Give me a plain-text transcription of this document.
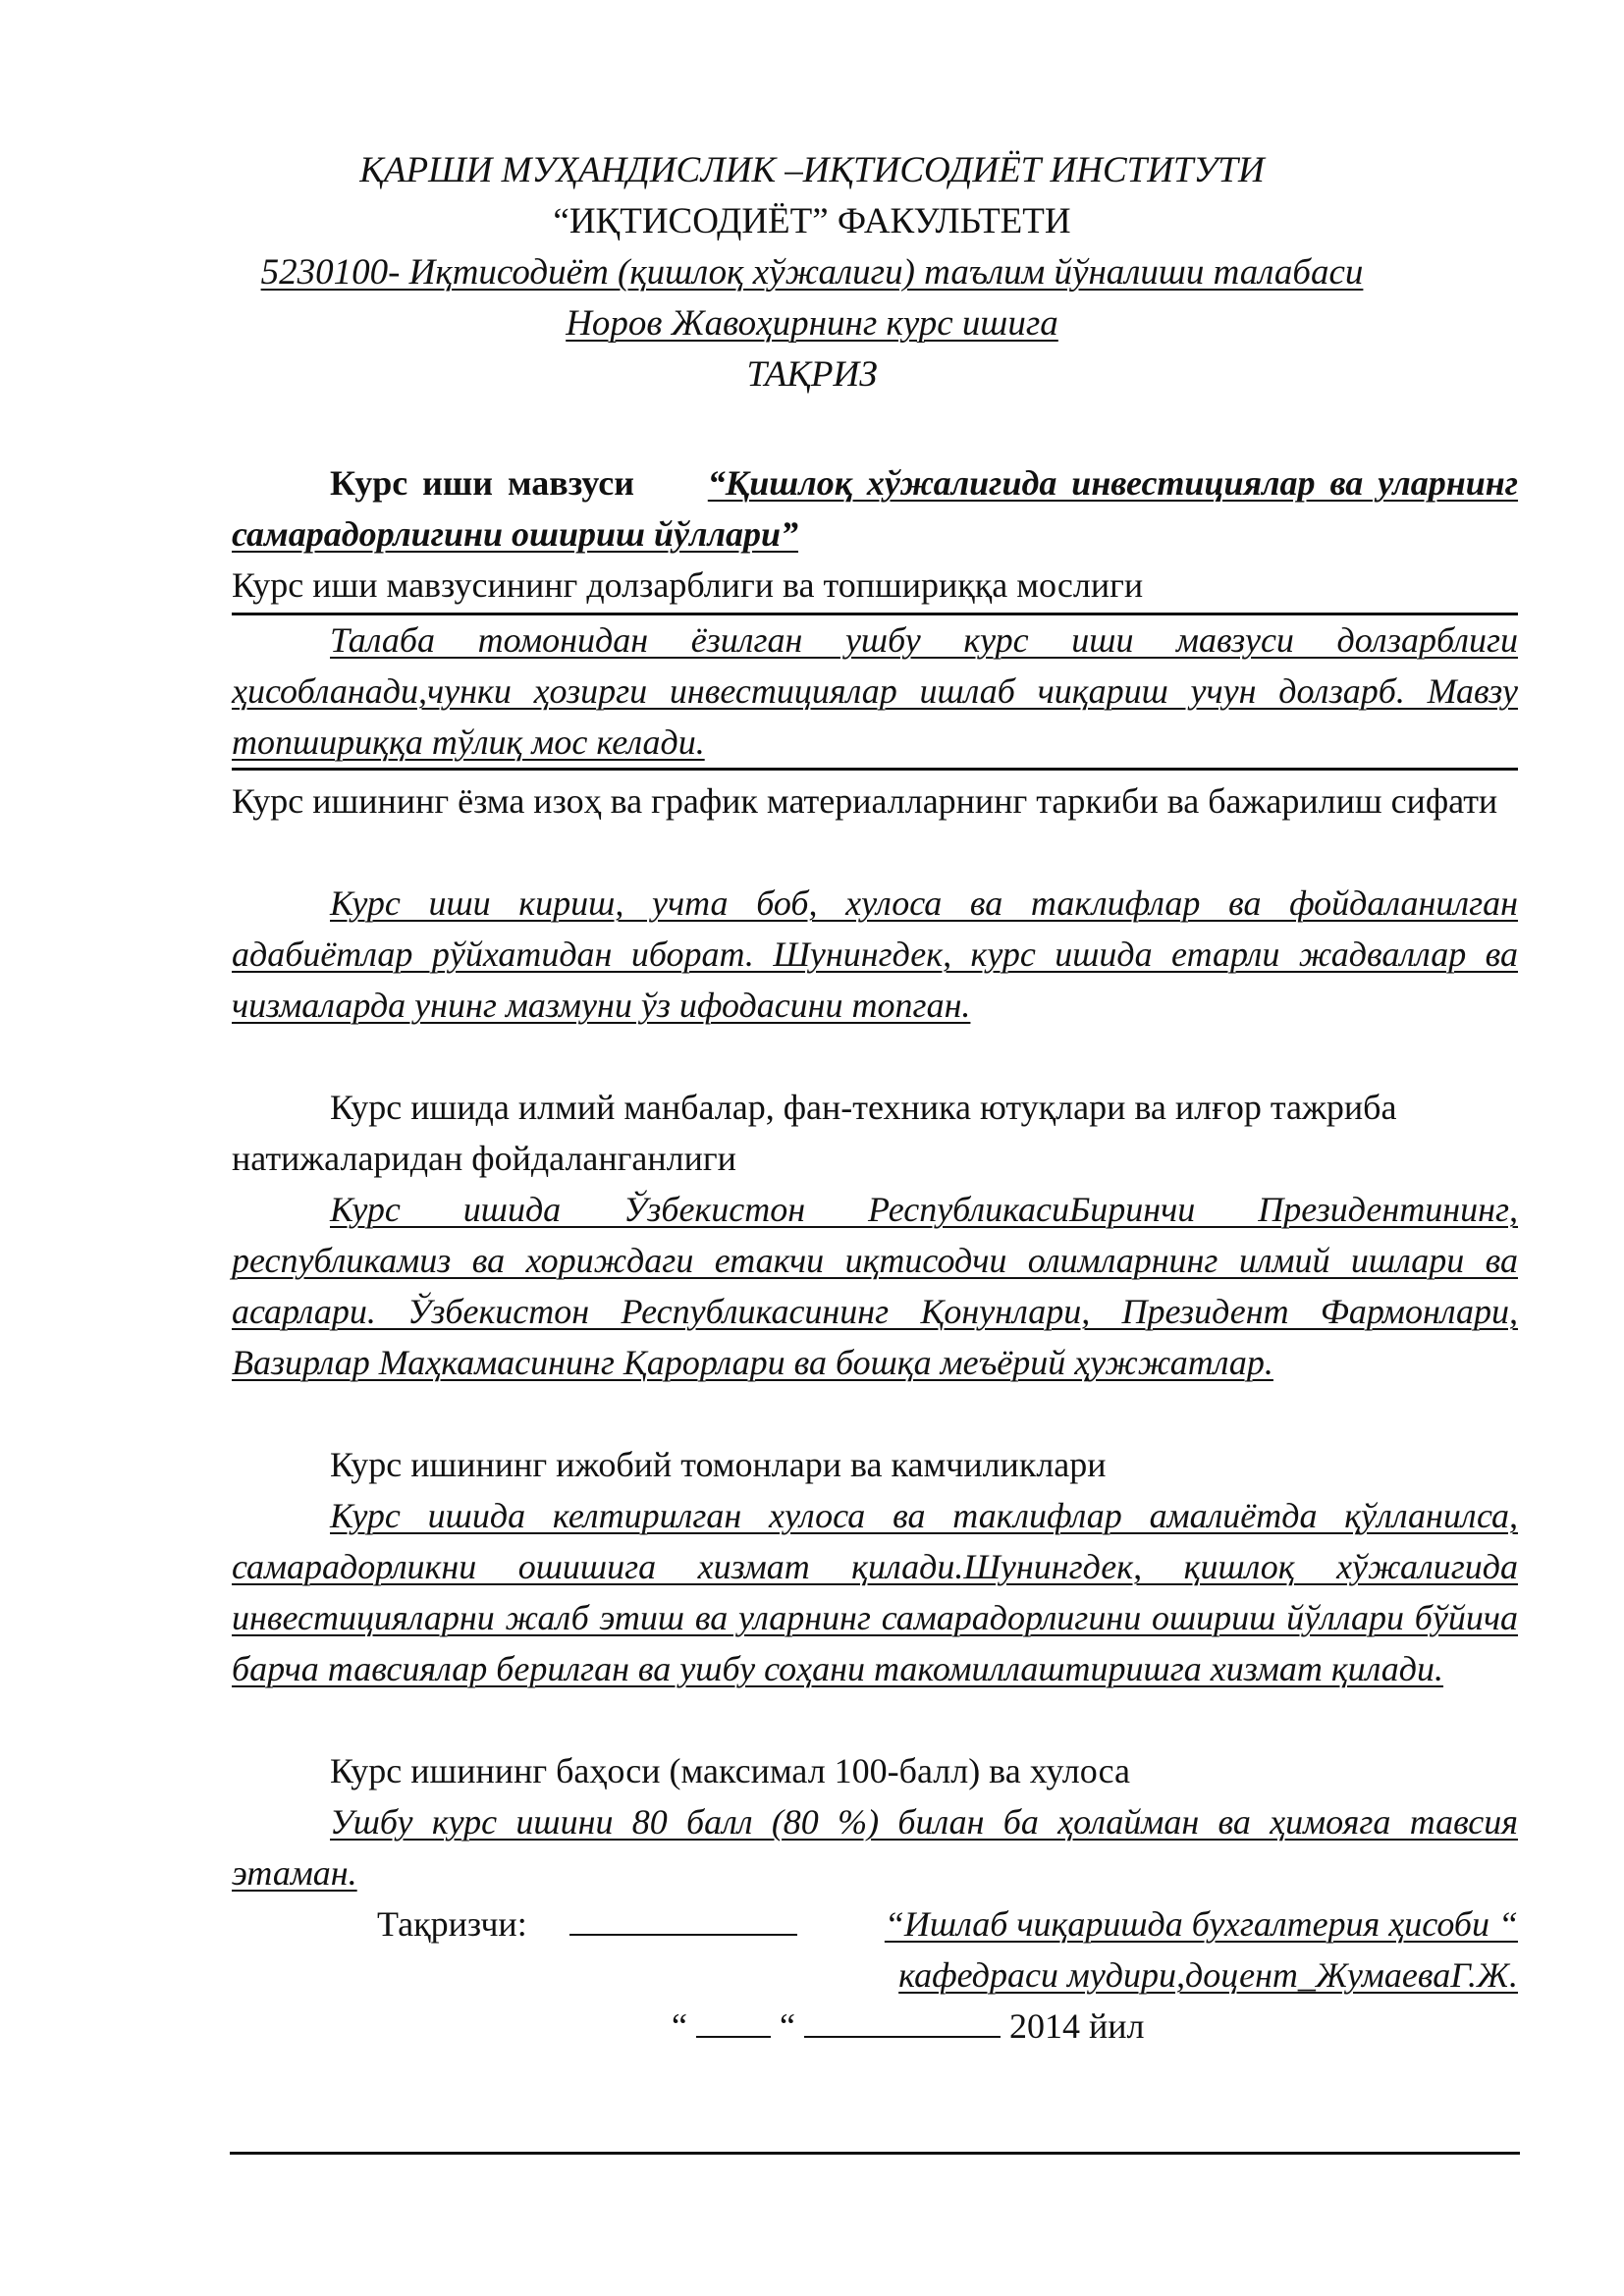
ҚАРШИ МУҲАНДИСЛИК –ИҚТИСОДИЁТ ИНСТИТУТИ
“ИҚТИСОДИЁТ” ФАКУЛЬТЕТИ
5230100- Иқтисодиёт (қишлоқ хўжалиги) таълим йўналиши талабаси
Норов Жавоҳирнинг курс ишига
ТАҚРИЗ
Курс иши мавзуси “Қишлоқ хўжалигида инвестициялар ва уларнинг самарадорлигини ошириш йўллари”
Курс иши мавзусининг долзарблиги ва топшириққа мослиги
Талаба томонидан ёзилган ушбу курс иши мавзуси долзарблиги ҳисобланади,чунки ҳозирги инвестициялар ишлаб чиқариш учун долзарб. Мавзу топшириққа тўлиқ мос келади.
Курс ишининг ёзма изоҳ ва график материалларнинг таркиби ва бажарилиш сифати
Курс иши кириш, учта боб, хулоса ва таклифлар ва фойдаланилган адабиётлар рўйхатидан иборат. Шунингдек, курс ишида етарли жадваллар ва чизмаларда унинг мазмуни ўз ифодасини топган.
Курс ишида илмий манбалар, фан-техника ютуқлари ва илғор тажриба натижаларидан фойдаланганлиги
Курс ишида Ўзбекистон РеспубликасиБиринчи Президентининг, республикамиз ва хориждаги етакчи иқтисодчи олимларнинг илмий ишлари ва асарлари. Ўзбекистон Республикасининг Қонунлари, Президент Фармонлари, Вазирлар Маҳкамасининг Қарорлари ва бошқа меъёрий ҳужжатлар.
Курс ишининг ижобий томонлари ва камчиликлари
Курс ишида келтирилган хулоса ва таклифлар амалиётда қўлланилса, самарадорликни ошишига хизмат қилади.Шунингдек, қишлоқ хўжалигида инвестицияларни жалб этиш ва уларнинг самарадорлигини ошириш йўллари бўйича барча тавсиялар берилган ва ушбу соҳани такомиллаштиришга хизмат қилади.
Курс ишининг баҳоси (максимал 100-балл) ва хулоса
Ушбу курс ишини 80 балл (80 %) билан ба ҳолайман ва ҳимояга тавсия этаман.
Тақризчи:	“Ишлаб чиқаришда бухгалтерия ҳисоби “
кафедраси мудири,доцент_ЖумаеваГ.Ж.
“	“	2014 йил
